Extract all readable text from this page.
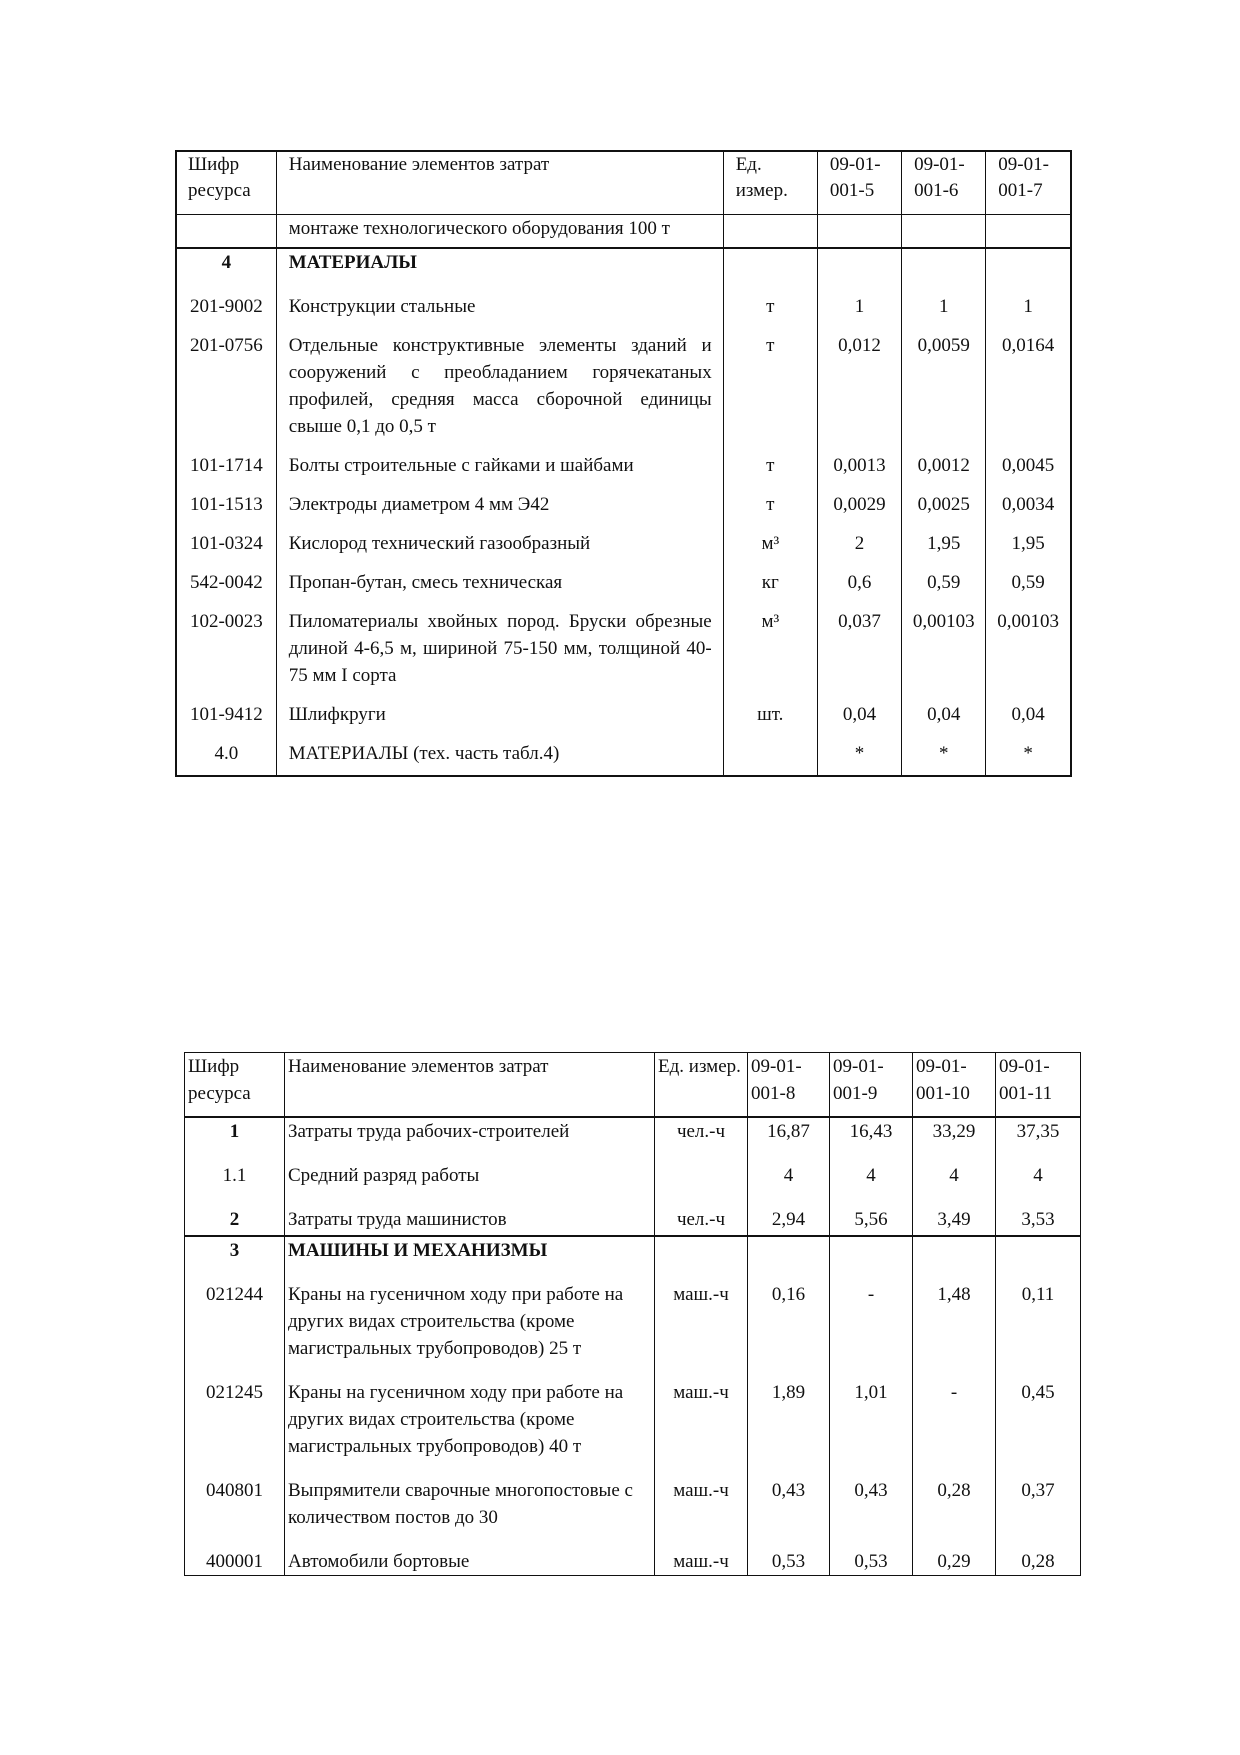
Шифр ресурса	Наименование элементов затрат	Ед. измер.	09-01-001-5	09-01-001-6	09-01-001-7
	монтаже технологического оборудования 100 т				
4	МАТЕРИАЛЫ				
201-9002	Конструкции стальные	т	1	1	1
201-0756	Отдельные конструктивные элементы зданий и сооружений с преобладанием горячекатаных профилей, средняя масса сборочной единицы свыше 0,1 до 0,5 т	т	0,012	0,0059	0,0164
101-1714	Болты строительные с гайками и шайбами	т	0,0013	0,0012	0,0045
101-1513	Электроды диаметром 4 мм Э42	т	0,0029	0,0025	0,0034
101-0324	Кислород технический газообразный	м³	2	1,95	1,95
542-0042	Пропан-бутан, смесь техническая	кг	0,6	0,59	0,59
102-0023	Пиломатериалы хвойных пород. Бруски обрезные длиной 4-6,5 м, шириной 75-150 мм, толщиной 40-75 мм I сорта	м³	0,037	0,00103	0,00103
101-9412	Шлифкруги	шт.	0,04	0,04	0,04
4.0	МАТЕРИАЛЫ (тех. часть табл.4)		*	*	*
Шифр ресурса	Наименование элементов затрат	Ед. измер.	09-01-001-8	09-01-001-9	09-01-001-10	09-01-001-11
1	Затраты труда рабочих-строителей	чел.-ч	16,87	16,43	33,29	37,35
1.1	Средний разряд работы		4	4	4	4
2	Затраты труда машинистов	чел.-ч	2,94	5,56	3,49	3,53
3	МАШИНЫ И МЕХАНИЗМЫ					
021244	Краны на гусеничном ходу при работе на других видах строительства (кроме магистральных трубопроводов) 25 т	маш.-ч	0,16	-	1,48	0,11
021245	Краны на гусеничном ходу при работе на других видах строительства (кроме магистральных трубопроводов) 40 т	маш.-ч	1,89	1,01	-	0,45
040801	Выпрямители сварочные многопостовые с количеством постов до 30	маш.-ч	0,43	0,43	0,28	0,37
400001	Автомобили бортовые	маш.-ч	0,53	0,53	0,29	0,28
